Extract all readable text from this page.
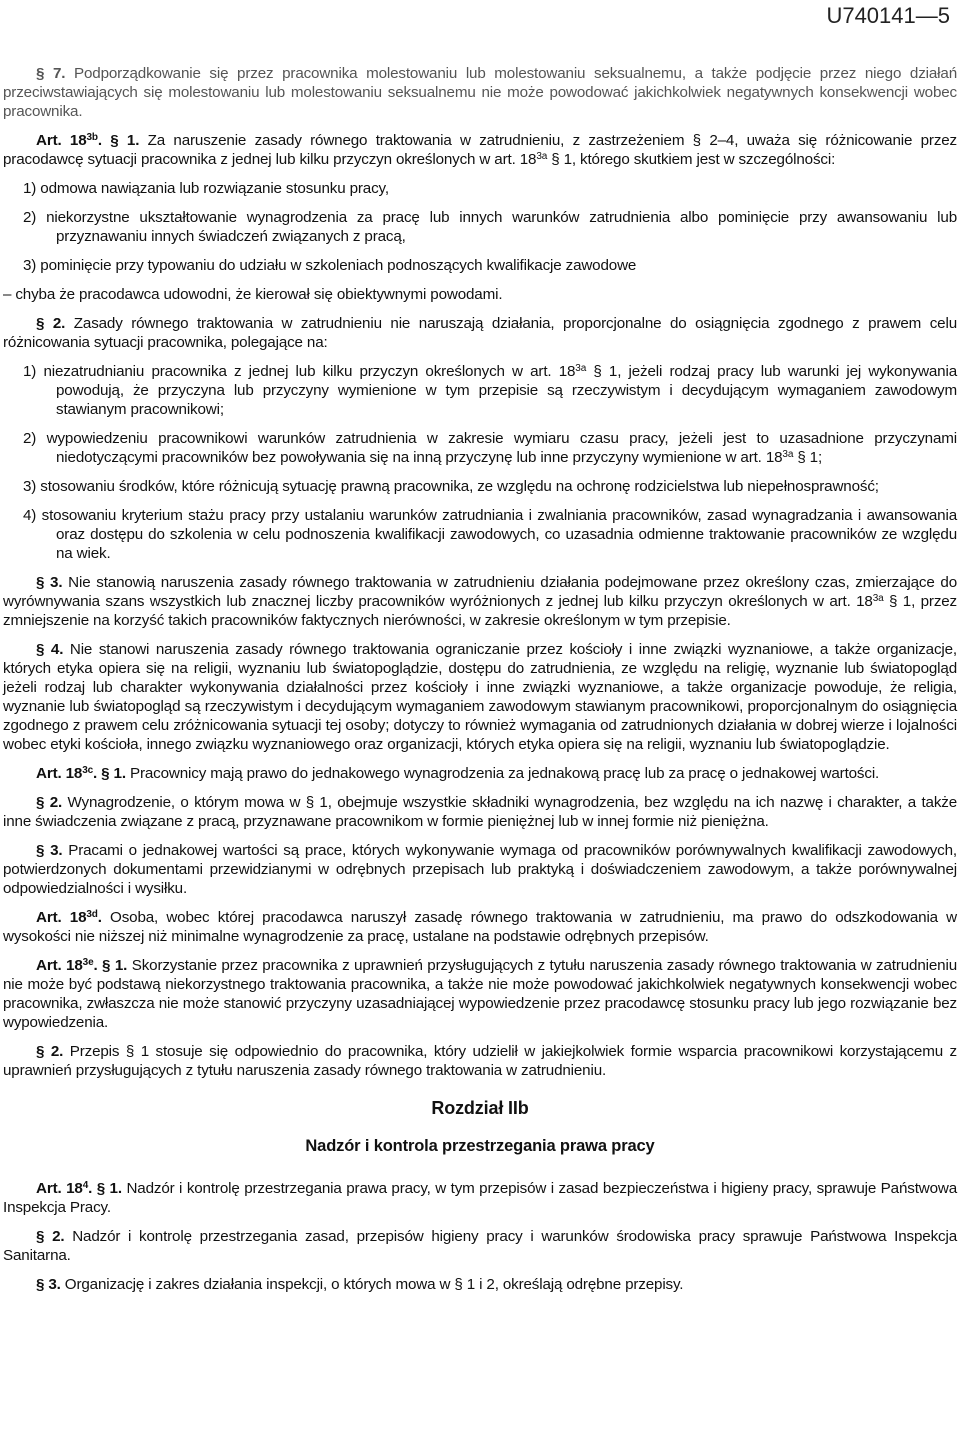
U740141—5

§ 7. Podporządkowanie się przez pracownika molestowaniu lub molestowaniu seksualnemu, a także podjęcie przez niego działań przeciwstawiających się molestowaniu lub molestowaniu seksualnemu nie może powodować jakichkolwiek negatywnych konsekwencji wobec pracownika.

Art. $18^{3b}$. § 1. Za naruszenie zasady równego traktowania w zatrudnieniu, z zastrzeżeniem § 2–4, uważa się różnicowanie przez pracodawcę sytuacji pracownika z jednej lub kilku przyczyn określonych w art. $18^{3a}$ § 1, którego skutkiem jest w szczególności:

1) odmowa nawiązania lub rozwiązanie stosunku pracy,
2) niekorzystne ukształtowanie wynagrodzenia za pracę lub innych warunków zatrudnienia albo pominięcie przy awansowaniu lub przyznawaniu innych świadczeń związanych z pracą,
3) pominięcie przy typowaniu do udziału w szkoleniach podnoszących kwalifikacje zawodowe
– chyba że pracodawca udowodni, że kierował się obiektywnymi powodami.

§ 2. Zasady równego traktowania w zatrudnieniu nie naruszają działania, proporcjonalne do osiągnięcia zgodnego z prawem celu różnicowania sytuacji pracownika, polegające na:

1) niezatrudnianiu pracownika z jednej lub kilku przyczyn określonych w art. $18^{3a}$ § 1, jeżeli rodzaj pracy lub warunki jej wykonywania powodują, że przyczyna lub przyczyny wymienione w tym przepisie są rzeczywistym i decydującym wymaganiem zawodowym stawianym pracownikowi;
2) wypowiedzeniu pracownikowi warunków zatrudnienia w zakresie wymiaru czasu pracy, jeżeli jest to uzasadnione przyczynami niedotyczącymi pracowników bez powoływania się na inną przyczynę lub inne przyczyny wymienione w art. $18^{3a}$ § 1;
3) stosowaniu środków, które różnicują sytuację prawną pracownika, ze względu na ochronę rodzicielstwa lub niepełnosprawność;
4) stosowaniu kryterium stażu pracy przy ustalaniu warunków zatrudniania i zwalniania pracowników, zasad wynagradzania i awansowania oraz dostępu do szkolenia w celu podnoszenia kwalifikacji zawodowych, co uzasadnia odmienne traktowanie pracowników ze względu na wiek.

§ 3. Nie stanowią naruszenia zasady równego traktowania w zatrudnieniu działania podejmowane przez określony czas, zmierzające do wyrównywania szans wszystkich lub znacznej liczby pracowników wyróżnionych z jednej lub kilku przyczyn określonych w art. $18^{3a}$ § 1, przez zmniejszenie na korzyść takich pracowników faktycznych nierówności, w zakresie określonym w tym przepisie.

§ 4. Nie stanowi naruszenia zasady równego traktowania ograniczanie przez kościoły i inne związki wyznaniowe, a także organizacje, których etyka opiera się na religii, wyznaniu lub światopoglądzie, dostępu do zatrudnienia, ze względu na religię, wyznanie lub światopogląd jeżeli rodzaj lub charakter wykonywania działalności przez kościoły i inne związki wyznaniowe, a także organizacje powoduje, że religia, wyznanie lub światopogląd są rzeczywistym i decydującym wymaganiem zawodowym stawianym pracownikowi, proporcjonalnym do osiągnięcia zgodnego z prawem celu zróżnicowania sytuacji tej osoby; dotyczy to również wymagania od zatrudnionych działania w dobrej wierze i lojalności wobec etyki kościoła, innego związku wyznaniowego oraz organizacji, których etyka opiera się na religii, wyznaniu lub światopoglądzie.

Art. $18^{3c}$. § 1. Pracownicy mają prawo do jednakowego wynagrodzenia za jednakową pracę lub za pracę o jednakowej wartości.

§ 2. Wynagrodzenie, o którym mowa w § 1, obejmuje wszystkie składniki wynagrodzenia, bez względu na ich nazwę i charakter, a także inne świadczenia związane z pracą, przyznawane pracownikom w formie pieniężnej lub w innej formie niż pieniężna.

§ 3. Pracami o jednakowej wartości są prace, których wykonywanie wymaga od pracowników porównywalnych kwalifikacji zawodowych, potwierdzonych dokumentami przewidzianymi w odrębnych przepisach lub praktyką i doświadczeniem zawodowym, a także porównywalnej odpowiedzialności i wysiłku.

Art. $18^{3d}$. Osoba, wobec której pracodawca naruszył zasadę równego traktowania w zatrudnieniu, ma prawo do odszkodowania w wysokości nie niższej niż minimalne wynagrodzenie za pracę, ustalane na podstawie odrębnych przepisów.

Art. $18^{3e}$. § 1. Skorzystanie przez pracownika z uprawnień przysługujących z tytułu naruszenia zasady równego traktowania w zatrudnieniu nie może być podstawą niekorzystnego traktowania pracownika, a także nie może powodować jakichkolwiek negatywnych konsekwencji wobec pracownika, zwłaszcza nie może stanowić przyczyny uzasadniającej wypowiedzenie przez pracodawcę stosunku pracy lub jego rozwiązanie bez wypowiedzenia.

§ 2. Przepis § 1 stosuje się odpowiednio do pracownika, który udzielił w jakiejkolwiek formie wsparcia pracownikowi korzystającemu z uprawnień przysługujących z tytułu naruszenia zasady równego traktowania w zatrudnieniu.

Rozdział IIb
Nadzór i kontrola przestrzegania prawa pracy

Art. $18^4$. § 1. Nadzór i kontrolę przestrzegania prawa pracy, w tym przepisów i zasad bezpieczeństwa i higieny pracy, sprawuje Państwowa Inspekcja Pracy.

§ 2. Nadzór i kontrolę przestrzegania zasad, przepisów higieny pracy i warunków środowiska pracy sprawuje Państwowa Inspekcja Sanitarna.

§ 3. Organizację i zakres działania inspekcji, o których mowa w § 1 i 2, określają odrębne przepisy.
